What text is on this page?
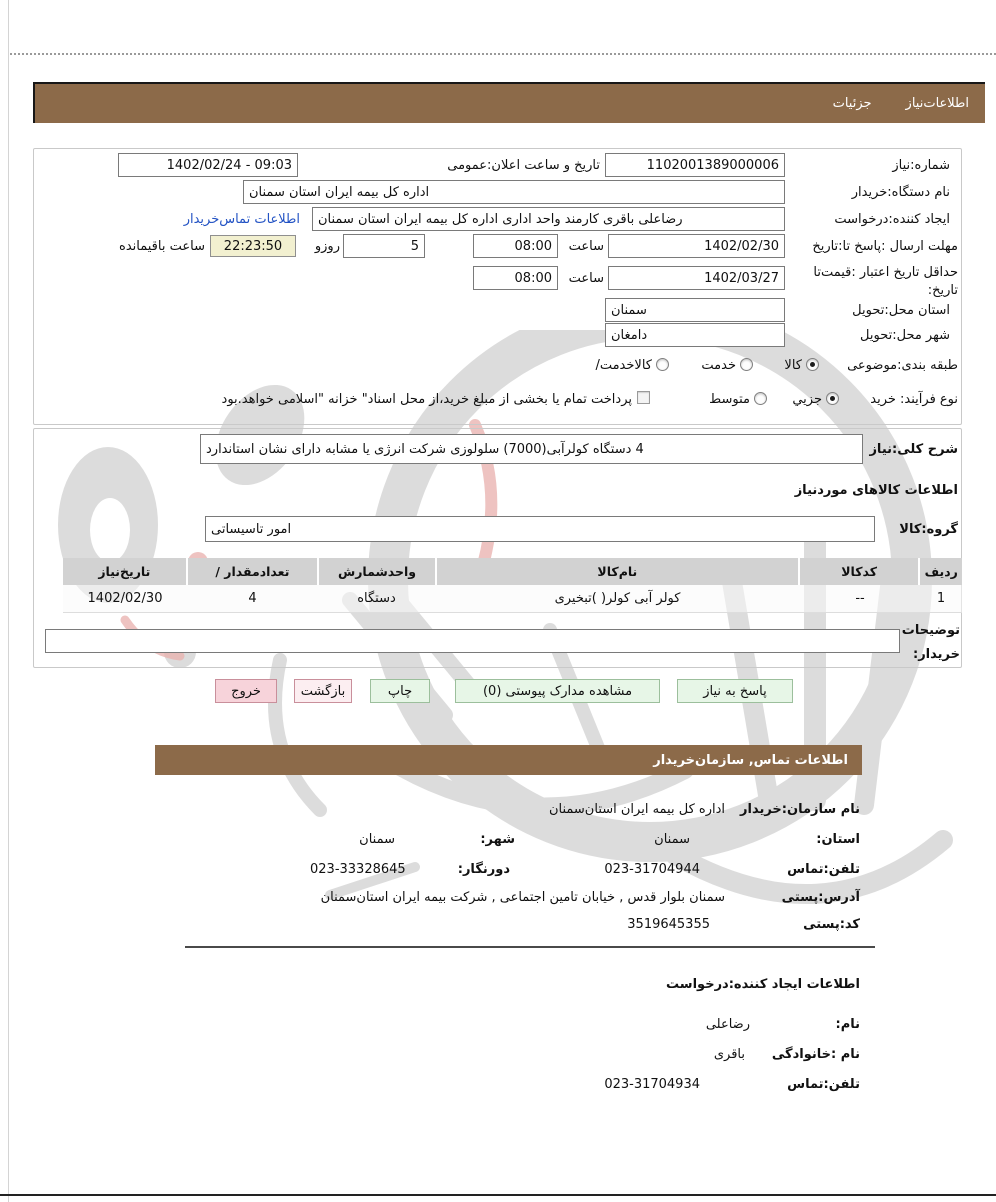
اطلاعات‌نیاز
جزئیات
شماره:نیاز
1102001389000006
تاریخ و ساعت اعلان:عمومی
1402/02/24 - 09:03
نام دستگاه:خریدار
اداره کل بیمه ایران استان سمنان
ایجاد کننده:درخواست
رضاعلی باقری کارمند واحد اداری اداره کل بیمه ایران استان سمنان
اطلاعات تماس‌خریدار
مهلت ارسال :پاسخ تا:تاریخ
1402/02/30
ساعت
08:00
5
روزو
22:23:50
ساعت باقیمانده
حداقل تاریخ اعتبار :قیمت‌تا
تاریخ:
1402/03/27
ساعت
08:00
استان محل:تحویل
سمنان
شهر محل:تحویل
دامغان
طبقه بندی:موضوعی
کالا
خدمت
کالاخدمت/
نوع فرآیند: خرید
جزيي
متوسط
پرداخت تمام یا بخشی از مبلغ خرید،از محل اسناد" خزانه "اسلامی خواهد.بود
شرح کلی:نیاز
4 دستگاه کولرآبی(7000) سلولوزی شرکت انرژی یا مشابه دارای نشان استاندارد
اطلاعات کالاهای موردنیاز
گروه:کالا
امور تاسیساتی
ردیف
کدکالا
نام‌کالا
واحدشمارش
تعدادمقدار /
تاریخ‌نیاز
1
--
کولر آبی کولر( )تبخیری
دستگاه
4
1402/02/30
توضیحات
خریدار:
پاسخ به نیاز
مشاهده مدارک پیوستی (0)
چاپ
بازگشت
خروج
اطلاعات تماس, سازمان‌خریدار
نام سازمان:خریدار
اداره کل بیمه ایران استان‌سمنان
استان:
سمنان
شهر:
سمنان
تلفن:تماس
023-31704944
دورنگار:
023-33328645
آدرس:پستی
سمنان بلوار قدس , خیابان تامین اجتماعی , شرکت بیمه ایران استان‌سمنان
کد:پستی
3519645355
اطلاعات ایجاد کننده:درخواست
نام:
رضاعلی
نام :خانوادگی
باقری
تلفن:تماس
023-31704934
